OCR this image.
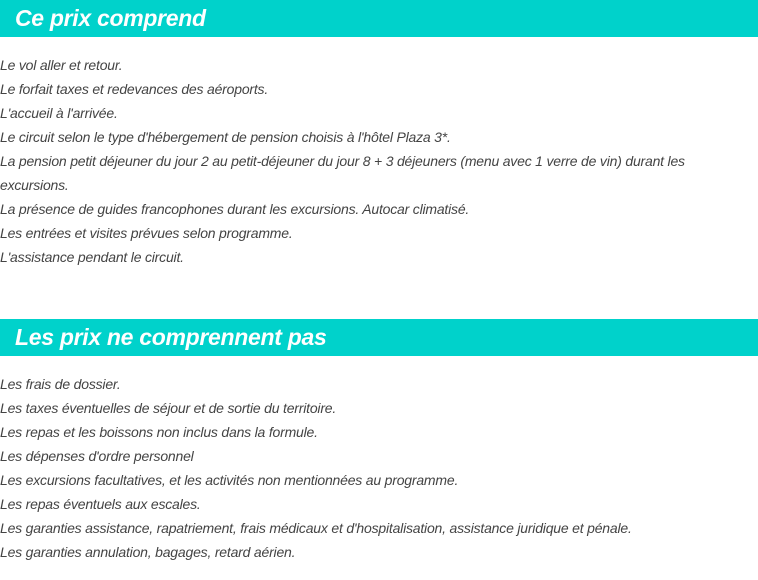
Ce prix comprend
Le vol aller et retour.
Le forfait taxes et redevances des aéroports.
L'accueil à l'arrivée.
Le circuit selon le type d'hébergement de pension choisis à l'hôtel Plaza 3*.
La pension petit déjeuner du jour 2 au petit-déjeuner du jour 8 + 3 déjeuners (menu avec 1 verre de vin) durant les excursions.
La présence de guides francophones durant les excursions. Autocar climatisé.
Les entrées et visites prévues selon programme.
L'assistance pendant le circuit.
Les prix ne comprennent pas
Les frais de dossier.
Les taxes éventuelles de séjour et de sortie du territoire.
Les repas et les boissons non inclus dans la formule.
Les dépenses d'ordre personnel
Les excursions facultatives, et les activités non mentionnées au programme.
Les repas éventuels aux escales.
Les garanties assistance, rapatriement, frais médicaux et d'hospitalisation, assistance juridique et pénale.
Les garanties annulation, bagages, retard aérien.
